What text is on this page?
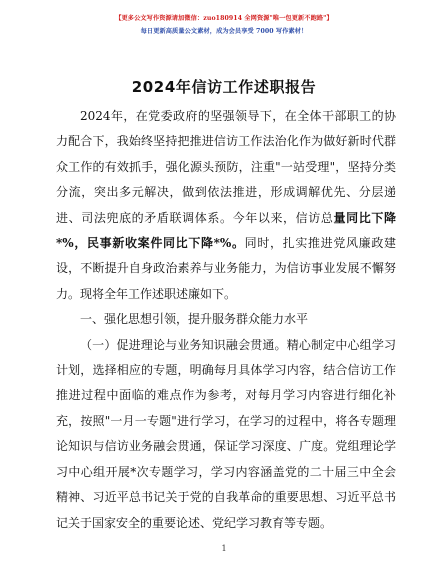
【更多公文写作资源请加微信：zuo180914 全网资源"唯一包更新不跑路"】
每日更新高质量公文素材，成为会员享受 7000 写作素材！
2024年信访工作述职报告

2024年，在党委政府的坚强领导下，在全体干部职工的协力配合下，我始终坚持把推进信访工作法治化作为做好新时代群众工作的有效抓手，强化源头预防，注重"一站受理"，坚持分类分流，突出多元解决，做到依法推进，形成调解优先、分层递进、司法兜底的矛盾联调体系。今年以来，信访总量同比下降*%，民事新收案件同比下降*%。同时，扎实推进党风廉政建设，不断提升自身政治素养与业务能力，为信访事业发展不懈努力。现将全年工作述职述廉如下。

一、强化思想引领，提升服务群众能力水平

（一）促进理论与业务知识融会贯通。精心制定中心组学习计划，选择相应的专题，明确每月具体学习内容，结合信访工作推进过程中面临的难点作为参考，对每月学习内容进行细化补充，按照"一月一专题"进行学习，在学习的过程中，将各专题理论知识与信访业务融会贯通，保证学习深度、广度。党组理论学习中心组开展*次专题学习，学习内容涵盖党的二十届三中全会精神、习近平总书记关于党的自我革命的重要思想、习近平总书记关于国家安全的重要论述、党纪学习教育等专题。

1
